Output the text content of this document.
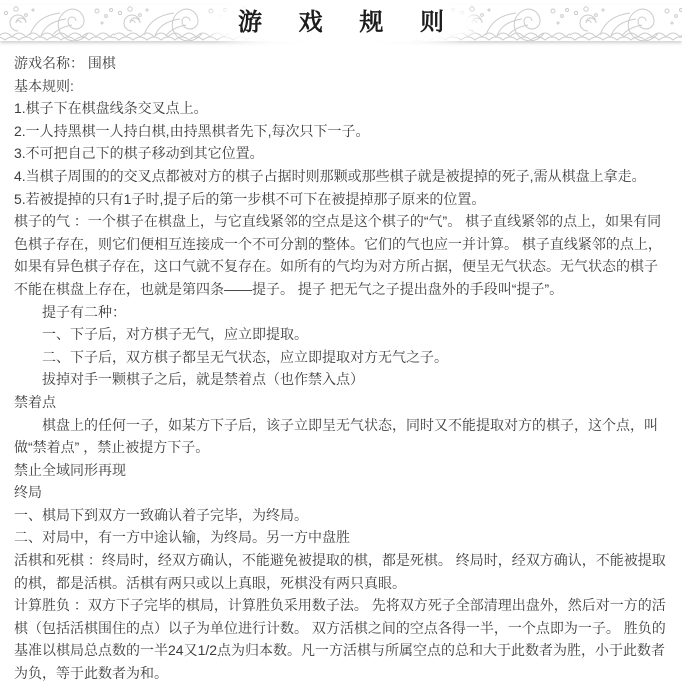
游 戏 规 则

游戏名称： 围棋

基本规则:

1.棋子下在棋盘线条交叉点上。

2.一人持黑棋一人持白棋,由持黑棋者先下,每次只下一子。

3.不可把自己下的棋子移动到其它位置。

4.当棋子周围的的交叉点都被对方的棋子占据时则那颗或那些棋子就是被提掉的死子,需从棋盘上拿走。

5.若被提掉的只有1子时,提子后的第一步棋不可下在被提掉那子原来的位置。

棋子的气 ：一个棋子在棋盘上，与它直线紧邻的空点是这个棋子的“气”。 棋子直线紧邻的点上，如果有同色棋子存在，则它们便相互连接成一个不可分割的整体。它们的气也应一并计算。 棋子直线紧邻的点上，如果有异色棋子存在，这口气就不复存在。如所有的气均为对方所占据，便呈无气状态。无气状态的棋子不能在棋盘上存在，也就是第四条——提子。 提子 把无气之子提出盘外的手段叫“提子”。

提子有二种：

一、下子后，对方棋子无气，应立即提取。

二、下子后，双方棋子都呈无气状态，应立即提取对方无气之子。

拔掉对手一颗棋子之后，就是禁着点（也作禁入点）

禁着点

棋盘上的任何一子，如某方下子后，该子立即呈无气状态，同时又不能提取对方的棋子，这个点，叫做“禁着点” ，禁止被提方下子。

禁止全域同形再现

终局

一、棋局下到双方一致确认着子完毕，为终局。

二、对局中，有一方中途认输，为终局。另一方中盘胜

活棋和死棋 ：终局时，经双方确认，不能避免被提取的棋，都是死棋。 终局时，经双方确认，不能被提取的棋，都是活棋。活棋有两只或以上真眼，死棋没有两只真眼。

计算胜负 ：双方下子完毕的棋局，计算胜负采用数子法。 先将双方死子全部清理出盘外，然后对一方的活棋（包括活棋围住的点）以子为单位进行计数。 双方活棋之间的空点各得一半，一个点即为一子。 胜负的基准以棋局总点数的一半24又1/2点为归本数。凡一方活棋与所属空点的总和大于此数者为胜，小于此数者为负，等于此数者为和。
